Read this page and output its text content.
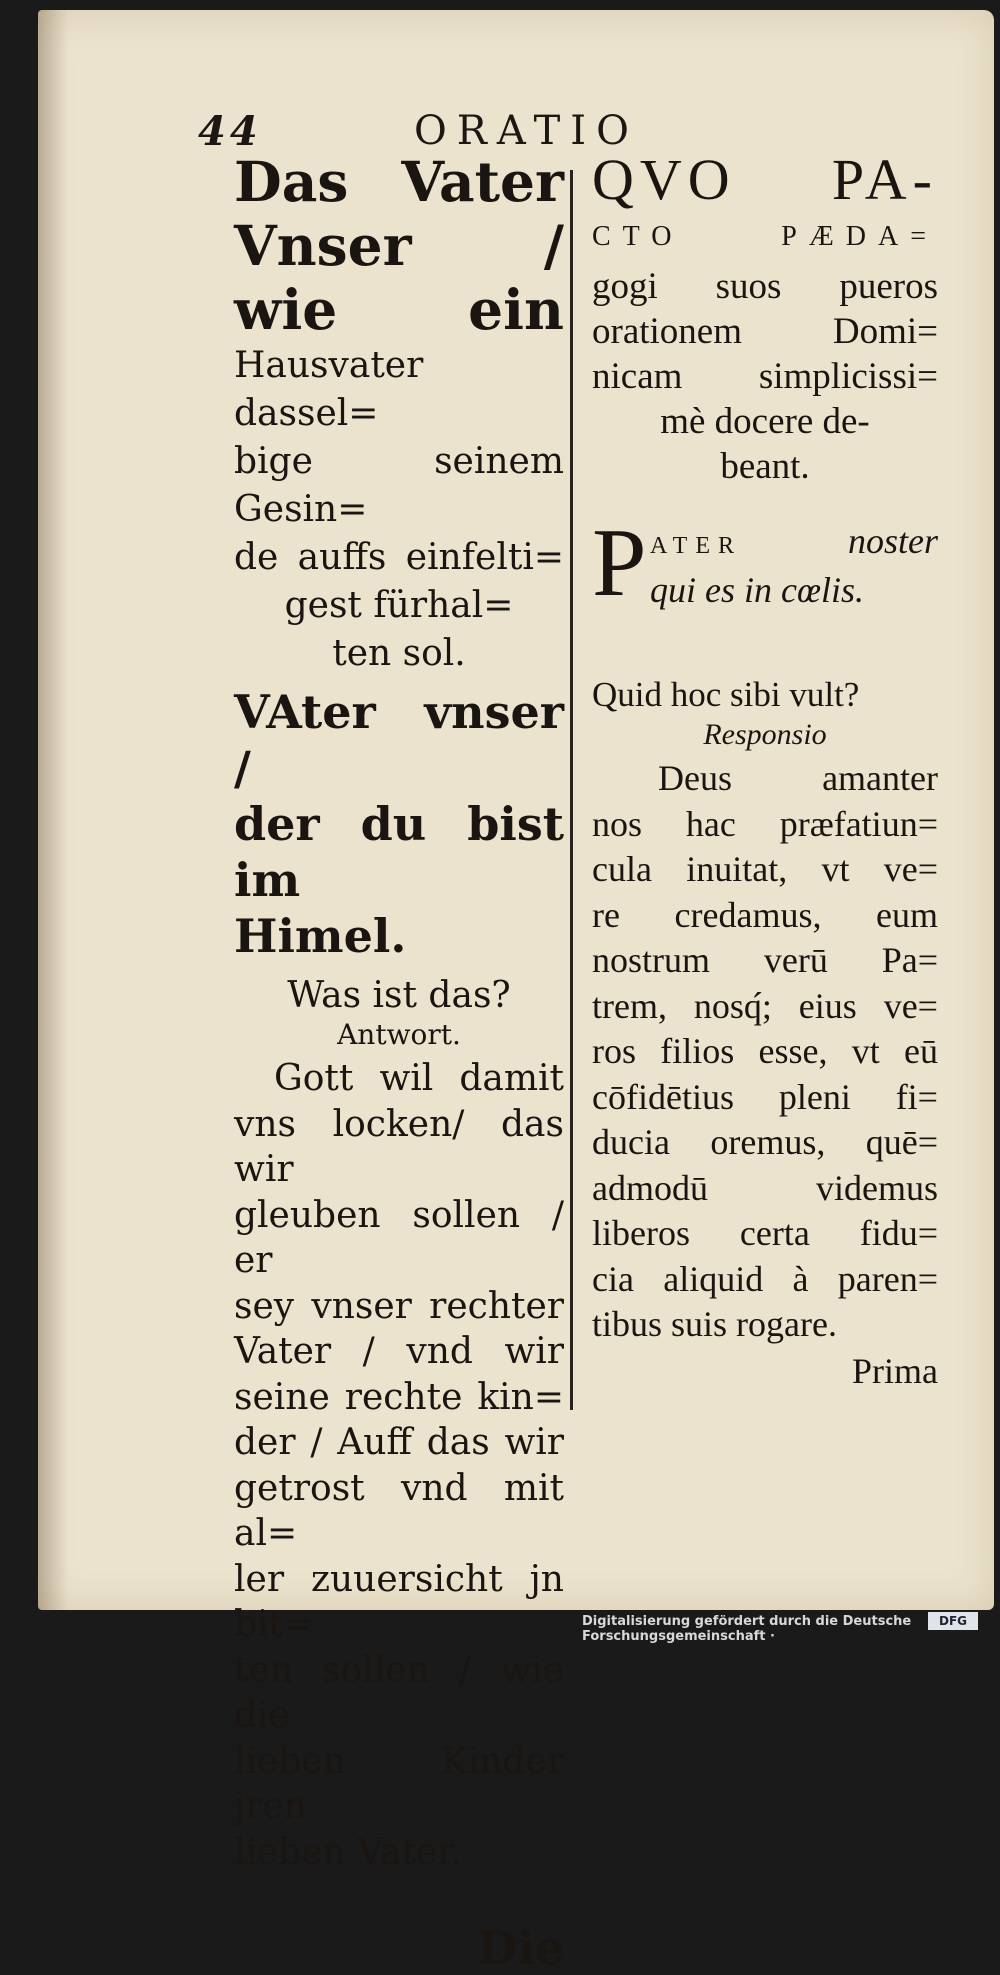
44	ORATIO
Das Vater
Vnser / wie ein
Hausvater dassel=
bige seinem Gesin=
de auffs einfelti=
gest fürhal=
ten sol.
VAter vnser /
der du bist im
Himel.
Was ist das?
Antwort.
Gott wil damit
vns locken/ das wir
gleuben sollen / er
sey vnser rechter
Vater / vnd wir
seine rechte kin=
der / Auff das wir
getrost vnd mit al=
ler zuuersicht jn bit=
ten sollen / wie die
lieben Kinder jren
lieben Vater.
Die
QVO PA-
CTO PÆDA=
gogi suos pueros
orationem Domi=
nicam simplicissi=
mè docere de-
beant.
P ATER	noster
qui es in cœlis.
Quid hoc sibi vult?
Responsio
Deus amanter
nos hac præfatiun=
cula inuitat, vt ve=
re credamus, eum
nostrum verū Pa=
trem, nosq́; eius ve=
ros filios esse, vt eū
cōfidētius pleni fi=
ducia oremus, quē=
admodū videmus
liberos certa fidu=
cia aliquid à paren=
tibus suis rogare.
Prima
Digitalisierung gefördert durch die Deutsche Forschungsgemeinschaft ·
DFG
